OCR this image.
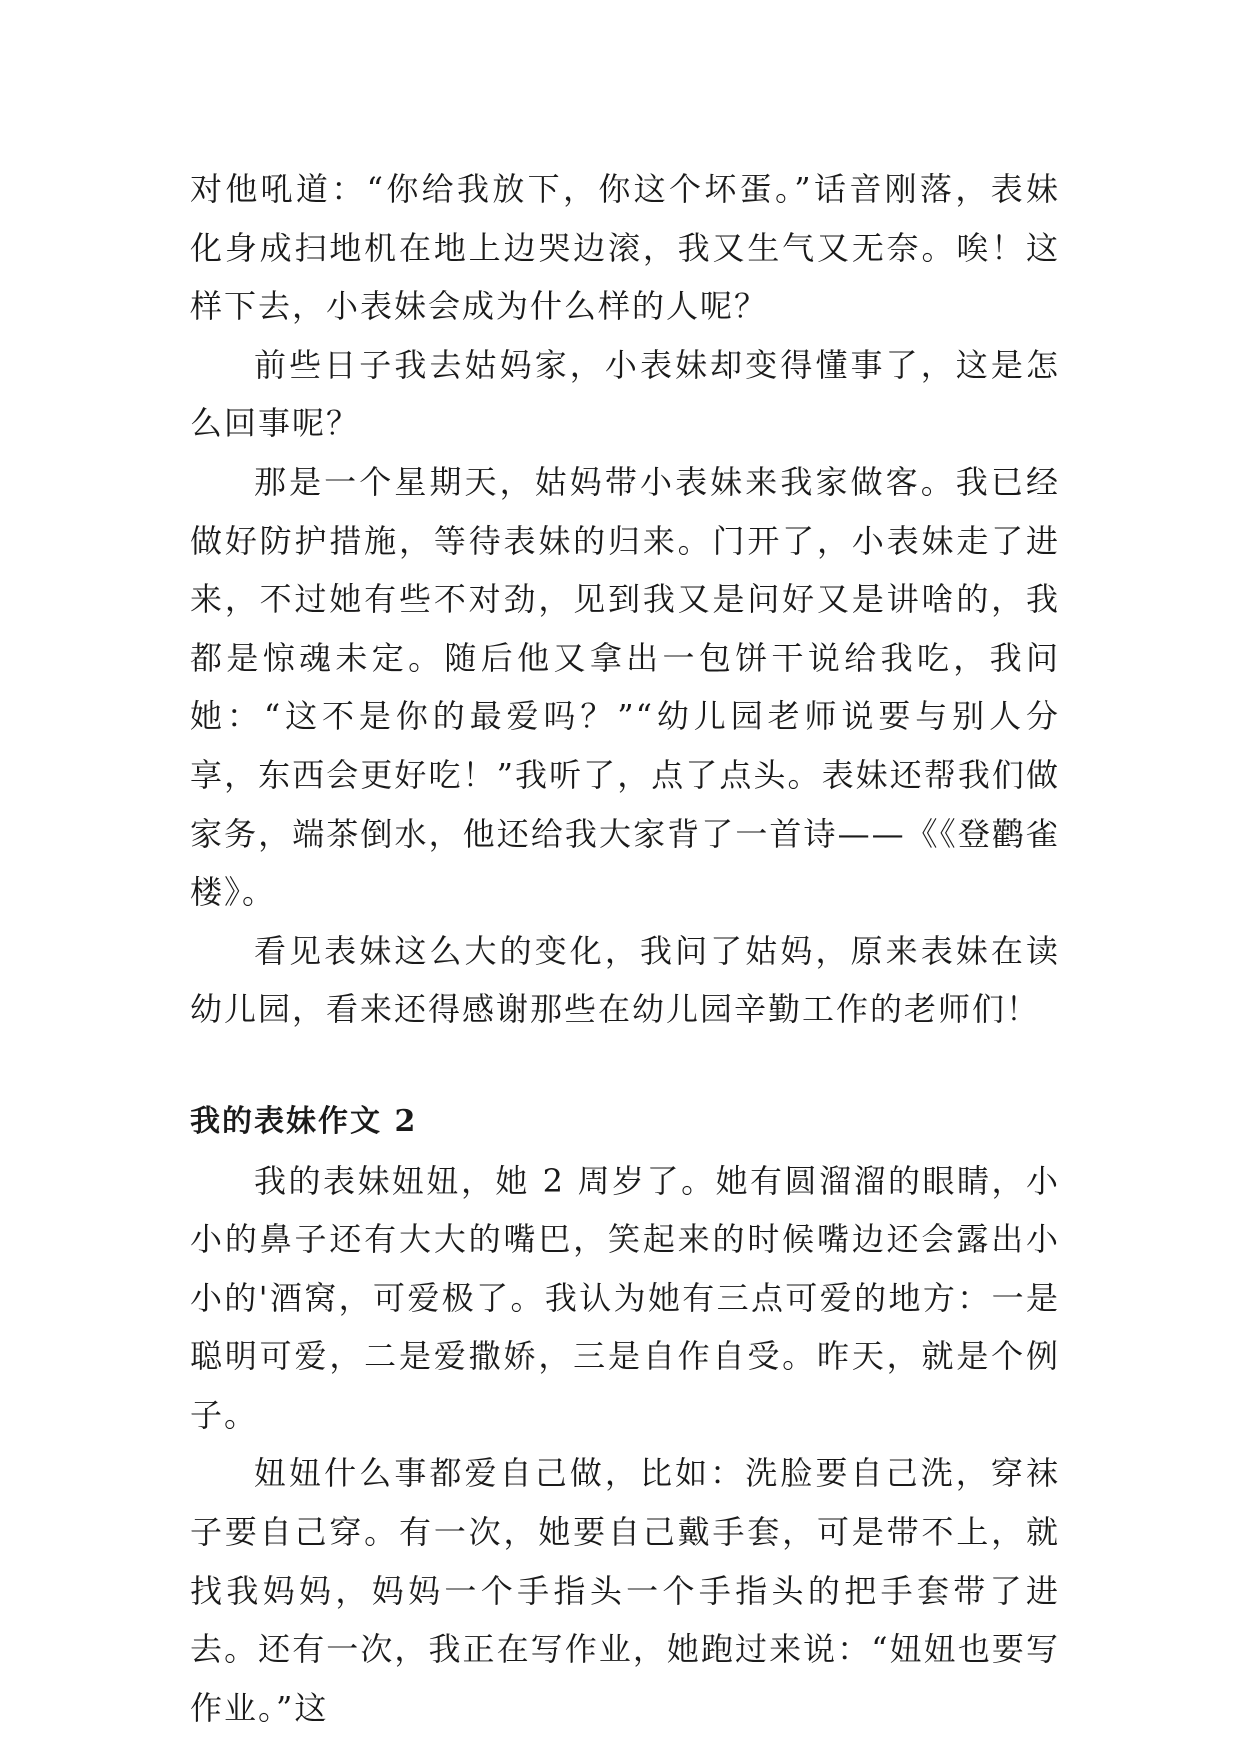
对他吼道：“你给我放下，你这个坏蛋。”话音刚落，表妹化身成扫地机在地上边哭边滚，我又生气又无奈。唉！这样下去，小表妹会成为什么样的人呢？

前些日子我去姑妈家，小表妹却变得懂事了，这是怎么回事呢？

那是一个星期天，姑妈带小表妹来我家做客。我已经做好防护措施，等待表妹的归来。门开了，小表妹走了进来，不过她有些不对劲，见到我又是问好又是讲啥的，我都是惊魂未定。随后他又拿出一包饼干说给我吃，我问她：“这不是你的最爱吗？”“幼儿园老师说要与别人分享，东西会更好吃！”我听了，点了点头。表妹还帮我们做家务，端茶倒水，他还给我大家背了一首诗——《《登鹳雀楼》。

看见表妹这么大的变化，我问了姑妈，原来表妹在读幼儿园，看来还得感谢那些在幼儿园辛勤工作的老师们！

我的表妹作文 2

我的表妹妞妞，她 2 周岁了。她有圆溜溜的眼睛，小小的鼻子还有大大的嘴巴，笑起来的时候嘴边还会露出小小的'酒窝，可爱极了。我认为她有三点可爱的地方：一是聪明可爱，二是爱撒娇，三是自作自受。昨天，就是个例子。

妞妞什么事都爱自己做，比如：洗脸要自己洗，穿袜子要自己穿。有一次，她要自己戴手套，可是带不上，就找我妈妈，妈妈一个手指头一个手指头的把手套带了进去。还有一次，我正在写作业，她跑过来说：“妞妞也要写作业。”这
